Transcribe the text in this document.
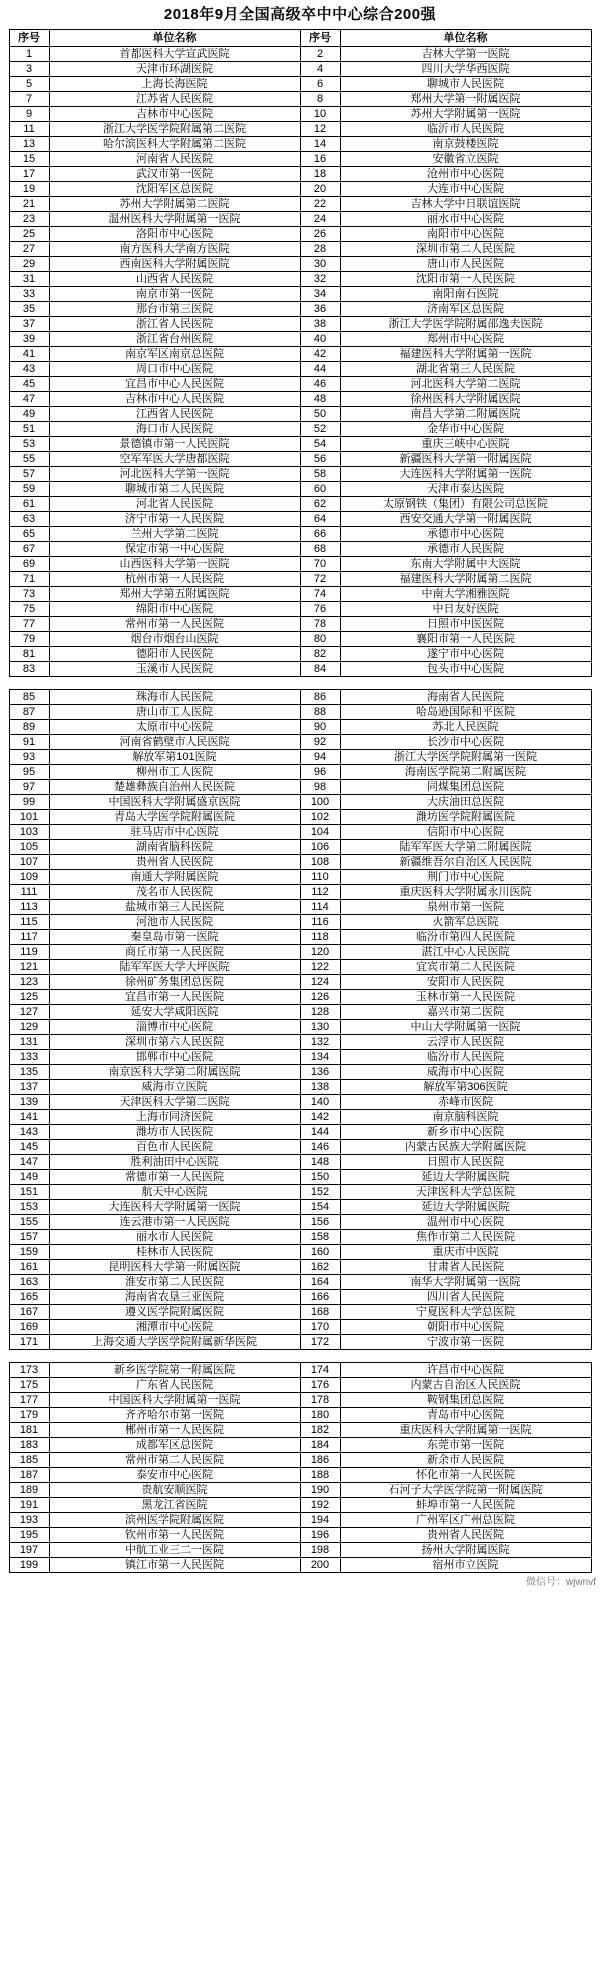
2018年9月全国高级卒中中心综合200强
序号	单位名称	序号	单位名称
1	首都医科大学宣武医院	2	吉林大学第一医院
3	天津市环湖医院	4	四川大学华西医院
5	上海长海医院	6	聊城市人民医院
7	江苏省人民医院	8	郑州大学第一附属医院
9	吉林市中心医院	10	苏州大学附属第一医院
11	浙江大学医学院附属第二医院	12	临沂市人民医院
13	哈尔滨医科大学附属第二医院	14	南京鼓楼医院
15	河南省人民医院	16	安徽省立医院
17	武汉市第一医院	18	沧州市中心医院
19	沈阳军区总医院	20	大连市中心医院
21	苏州大学附属第二医院	22	吉林大学中日联谊医院
23	温州医科大学附属第一医院	24	丽水市中心医院
25	洛阳市中心医院	26	南阳市中心医院
27	南方医科大学南方医院	28	深圳市第二人民医院
29	西南医科大学附属医院	30	唐山市人民医院
31	山西省人民医院	32	沈阳市第一人民医院
33	南京市第一医院	34	南阳南石医院
35	那台市第三医院	36	济南军区总医院
37	浙江省人民医院	38	浙江大学医学院附属邵逸夫医院
39	浙江省台州医院	40	郑州市中心医院
41	南京军区南京总医院	42	福建医科大学附属第一医院
43	周口市中心医院	44	湖北省第三人民医院
45	宜昌市中心人民医院	46	河北医科大学第二医院
47	吉林市中心人民医院	48	徐州医科大学附属医院
49	江西省人民医院	50	南昌大学第二附属医院
51	海口市人民医院	52	金华市中心医院
53	景德镇市第一人民医院	54	重庆三峡中心医院
55	空军军医大学唐都医院	56	新疆医科大学第一附属医院
57	河北医科大学第一医院	58	大连医科大学附属第一医院
59	聊城市第二人民医院	60	天津市泰达医院
61	河北省人民医院	62	太原钢铁（集团）有限公司总医院
63	济宁市第一人民医院	64	西安交通大学第一附属医院
65	兰州大学第二医院	66	承德市中心医院
67	保定市第一中心医院	68	承德市人民医院
69	山西医科大学第一医院	70	东南大学附属中大医院
71	杭州市第一人民医院	72	福建医科大学附属第二医院
73	郑州大学第五附属医院	74	中南大学湘雅医院
75	绵阳市中心医院	76	中日友好医院
77	常州市第一人民医院	78	日照市中医医院
79	烟台市烟台山医院	80	襄阳市第一人民医院
81	德阳市人民医院	82	遂宁市中心医院
83	玉溪市人民医院	84	包头市中心医院
85	珠海市人民医院	86	海南省人民医院
87	唐山市工人医院	88	哈岛逊国际和平医院
89	太原市中心医院	90	苏北人民医院
91	河南省鹤壁市人民医院	92	长沙市中心医院
93	解放军第101医院	94	浙江大学医学院附属第一医院
95	柳州市工人医院	96	海南医学院第二附属医院
97	楚雄彝族自治州人民医院	98	同煤集团总医院
99	中国医科大学附属盛京医院	100	大庆油田总医院
101	青岛大学医学院附属医院	102	潍坊医学院附属医院
103	驻马店市中心医院	104	信阳市中心医院
105	湖南省脑科医院	106	陆军军医大学第二附属医院
107	贵州省人民医院	108	新疆维吾尔自治区人民医院
109	南通大学附属医院	110	荆门市中心医院
111	茂名市人民医院	112	重庆医科大学附属永川医院
113	盐城市第三人民医院	114	泉州市第一医院
115	河池市人民医院	116	火箭军总医院
117	秦皇岛市第一医院	118	临汾市第四人民医院
119	商丘市第一人民医院	120	湛江中心人民医院
121	陆军军医大学大坪医院	122	宜宾市第二人民医院
123	徐州矿务集团总医院	124	安阳市人民医院
125	宜昌市第一人民医院	126	玉林市第一人民医院
127	延安大学咸阳医院	128	嘉兴市第二医院
129	淄博市中心医院	130	中山大学附属第一医院
131	深圳市第六人民医院	132	云浮市人民医院
133	邯郸市中心医院	134	临汾市人民医院
135	南京医科大学第二附属医院	136	威海市中心医院
137	威海市立医院	138	解放军第306医院
139	天津医科大学第二医院	140	赤峰市医院
141	上海市同济医院	142	南京脑科医院
143	潍坊市人民医院	144	新乡市中心医院
145	百色市人民医院	146	内蒙古民族大学附属医院
147	胜利油田中心医院	148	日照市人民医院
149	常德市第一人民医院	150	延边大学附属医院
151	航天中心医院	152	天津医科大学总医院
153	大连医科大学附属第一医院	154	延边大学附属医院
155	连云港市第一人民医院	156	温州市中心医院
157	丽水市人民医院	158	焦作市第二人民医院
159	桂林市人民医院	160	重庆市中医院
161	昆明医科大学第一附属医院	162	甘肃省人民医院
163	淮安市第二人民医院	164	南华大学附属第一医院
165	海南省农垦三亚医院	166	四川省人民医院
167	遵义医学院附属医院	168	宁夏医科大学总医院
169	湘潭市中心医院	170	朝阳市中心医院
171	上海交通大学医学院附属新华医院	172	宁波市第一医院
173	新乡医学院第一附属医院	174	许昌市中心医院
175	广东省人民医院	176	内蒙古自治区人民医院
177	中国医科大学附属第一医院	178	鞍钢集团总医院
179	齐齐哈尔市第一医院	180	青岛市中心医院
181	郴州市第一人民医院	182	重庆医科大学附属第一医院
183	成都军区总医院	184	东莞市第一医院
185	常州市第二人民医院	186	新余市人民医院
187	泰安市中心医院	188	怀化市第一人民医院
189	贵航安顺医院	190	石河子大学医学院第一附属医院
191	黑龙江省医院	192	蚌埠市第一人民医院
193	滨州医学院附属医院	194	广州军区广州总医院
195	钦州市第一人民医院	196	贵州省人民医院
197	中航工业三二一医院	198	扬州大学附属医院
199	镇江市第一人民医院	200	宿州市立医院
微信号：wjwnvf
